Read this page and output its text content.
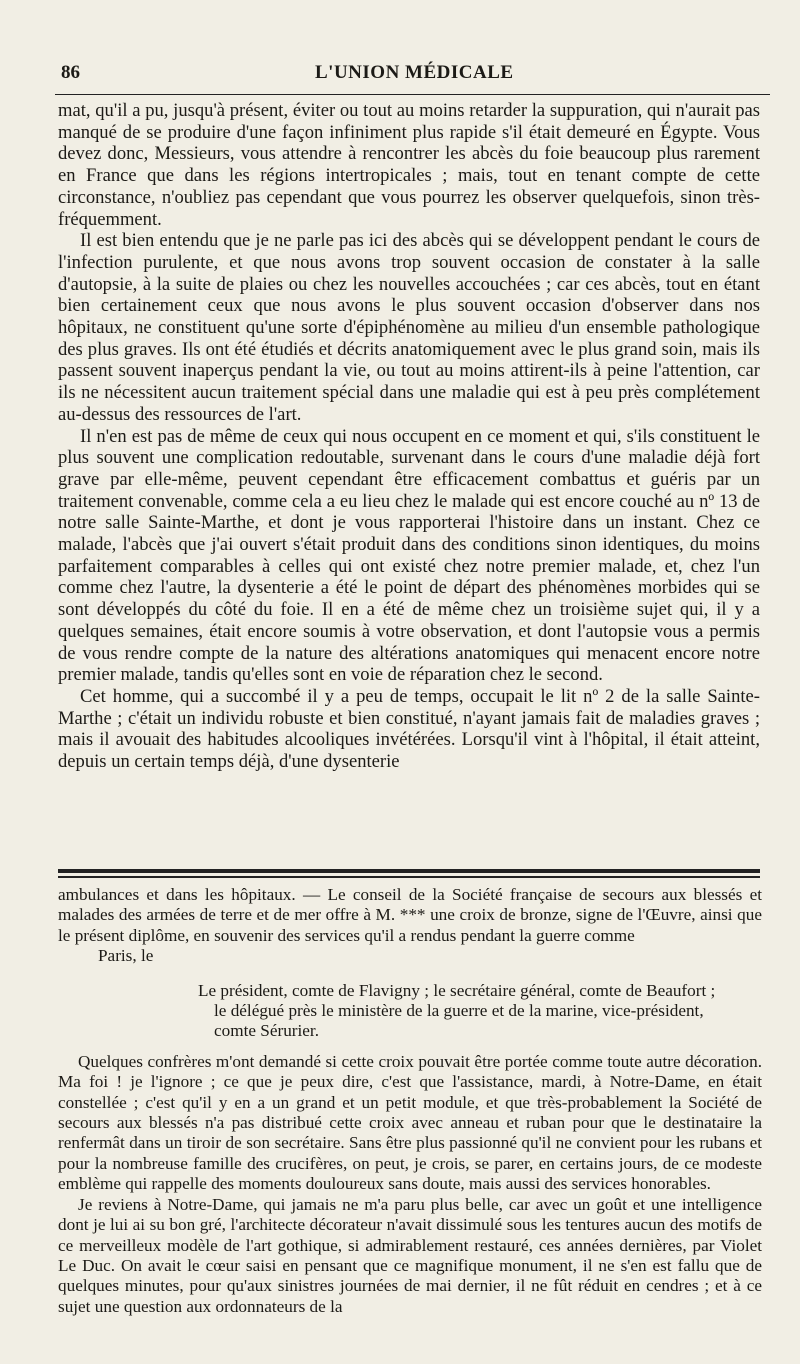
86	L'UNION MÉDICALE

mat, qu'il a pu, jusqu'à présent, éviter ou tout au moins retarder la suppuration, qui n'aurait pas manqué de se produire d'une façon infiniment plus rapide s'il était demeuré en Égypte. Vous devez donc, Messieurs, vous attendre à rencontrer les abcès du foie beaucoup plus rarement en France que dans les régions intertropicales ; mais, tout en tenant compte de cette circonstance, n'oubliez pas cependant que vous pourrez les observer quelquefois, sinon très-fréquemment.

Il est bien entendu que je ne parle pas ici des abcès qui se développent pendant le cours de l'infection purulente, et que nous avons trop souvent occasion de constater à la salle d'autopsie, à la suite de plaies ou chez les nouvelles accouchées ; car ces abcès, tout en étant bien certainement ceux que nous avons le plus souvent occasion d'observer dans nos hôpitaux, ne constituent qu'une sorte d'épiphénomène au milieu d'un ensemble pathologique des plus graves. Ils ont été étudiés et décrits anatomiquement avec le plus grand soin, mais ils passent souvent inaperçus pendant la vie, ou tout au moins attirent-ils à peine l'attention, car ils ne nécessitent aucun traitement spécial dans une maladie qui est à peu près complétement au-dessus des ressources de l'art.

Il n'en est pas de même de ceux qui nous occupent en ce moment et qui, s'ils constituent le plus souvent une complication redoutable, survenant dans le cours d'une maladie déjà fort grave par elle-même, peuvent cependant être efficacement combattus et guéris par un traitement convenable, comme cela a eu lieu chez le malade qui est encore couché au nº 13 de notre salle Sainte-Marthe, et dont je vous rapporterai l'histoire dans un instant. Chez ce malade, l'abcès que j'ai ouvert s'était produit dans des conditions sinon identiques, du moins parfaitement comparables à celles qui ont existé chez notre premier malade, et, chez l'un comme chez l'autre, la dysenterie a été le point de départ des phénomènes morbides qui se sont développés du côté du foie. Il en a été de même chez un troisième sujet qui, il y a quelques semaines, était encore soumis à votre observation, et dont l'autopsie vous a permis de vous rendre compte de la nature des altérations anatomiques qui menacent encore notre premier malade, tandis qu'elles sont en voie de réparation chez le second.

Cet homme, qui a succombé il y a peu de temps, occupait le lit nº 2 de la salle Sainte-Marthe ; c'était un individu robuste et bien constitué, n'ayant jamais fait de maladies graves ; mais il avouait des habitudes alcooliques invétérées. Lorsqu'il vint à l'hôpital, il était atteint, depuis un certain temps déjà, d'une dysenterie

ambulances et dans les hôpitaux. — Le conseil de la Société française de secours aux blessés et malades des armées de terre et de mer offre à M. *** une croix de bronze, signe de l'Œuvre, ainsi que le présent diplôme, en souvenir des services qu'il a rendus pendant la guerre comme

Paris, le

Le président, comte de Flavigny ; le secrétaire général, comte de Beaufort ;
le délégué près le ministère de la guerre et de la marine, vice-président,
comte Sérurier.

Quelques confrères m'ont demandé si cette croix pouvait être portée comme toute autre décoration. Ma foi ! je l'ignore ; ce que je peux dire, c'est que l'assistance, mardi, à Notre-Dame, en était constellée ; c'est qu'il y en a un grand et un petit module, et que très-probablement la Société de secours aux blessés n'a pas distribué cette croix avec anneau et ruban pour que le destinataire la renfermât dans un tiroir de son secrétaire. Sans être plus passionné qu'il ne convient pour les rubans et pour la nombreuse famille des crucifères, on peut, je crois, se parer, en certains jours, de ce modeste emblème qui rappelle des moments douloureux sans doute, mais aussi des services honorables.

Je reviens à Notre-Dame, qui jamais ne m'a paru plus belle, car avec un goût et une intelligence dont je lui ai su bon gré, l'architecte décorateur n'avait dissimulé sous les tentures aucun des motifs de ce merveilleux modèle de l'art gothique, si admirablement restauré, ces années dernières, par Violet Le Duc. On avait le cœur saisi en pensant que ce magnifique monument, il ne s'en est fallu que de quelques minutes, pour qu'aux sinistres journées de mai dernier, il ne fût réduit en cendres ; et à ce sujet une question aux ordonnateurs de la
